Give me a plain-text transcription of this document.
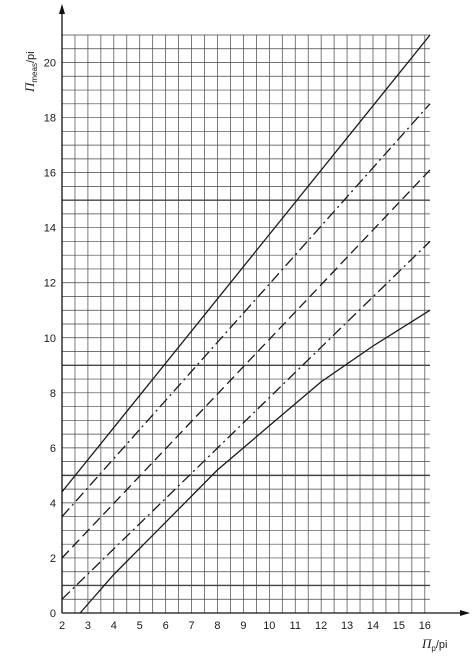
2 3 4 5 6 7 8 9 10 11 12 13 14 15 16
0
2
4
6
8
10
12
14
16
18
20
$\Pi_{meas}^{/pi}$
$\Pi_p^{/pi}$
